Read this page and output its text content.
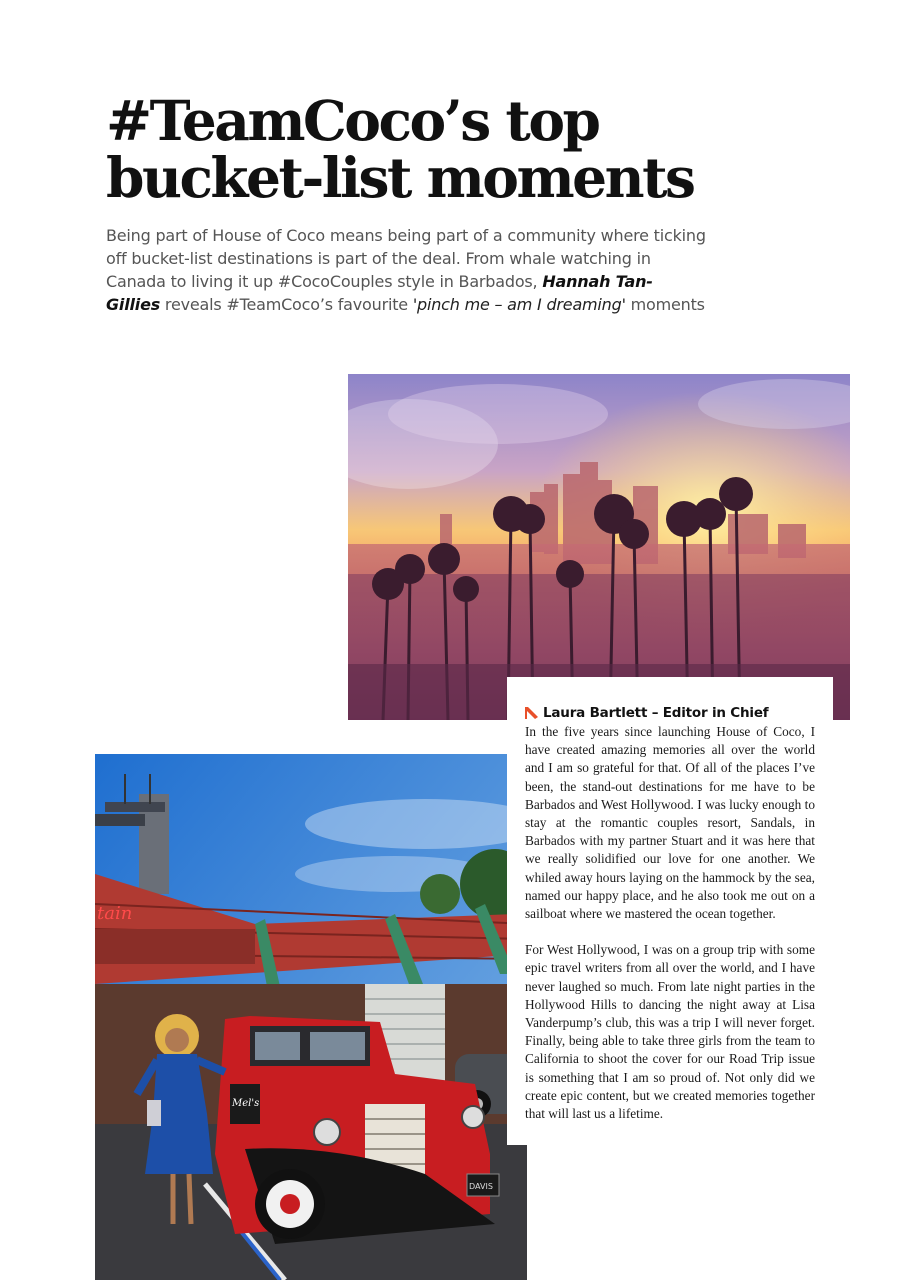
#TeamCoco’s top
bucket-list moments

Being part of House of Coco means being part of a community where ticking off bucket-list destinations is part of the deal. From whale watching in Canada to living it up #CocoCouples style in Barbados, Hannah Tan-Gillies reveals #TeamCoco’s favourite 'pinch me – am I dreaming' moments

tain
Mel's
DAVIS
Laura Bartlett – Editor in Chief

In the five years since launching House of Coco, I have created amazing memories all over the world and I am so grateful for that. Of all of the places I’ve been, the stand-out destinations for me have to be Barbados and West Hollywood. I was lucky enough to stay at the romantic couples resort, Sandals, in Barbados with my partner Stuart and it was here that we really solidified our love for one another. We whiled away hours laying on the hammock by the sea, named our happy place, and he also took me out on a sailboat where we mastered the ocean together.

For West Hollywood, I was on a group trip with some epic travel writers from all over the world, and I have never laughed so much. From late night parties in the Hollywood Hills to dancing the night away at Lisa Vanderpump’s club, this was a trip I will never forget. Finally, being able to take three girls from the team to California to shoot the cover for our Road Trip issue is something that I am so proud of. Not only did we create epic content, but we created memories together that will last us a lifetime.
